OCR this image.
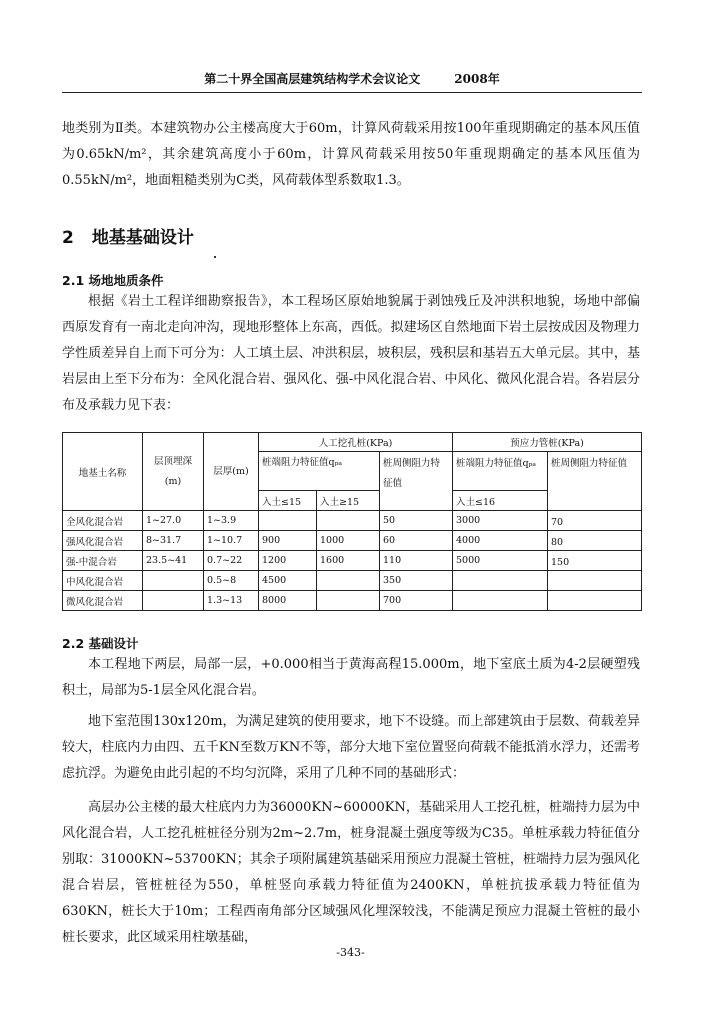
第二十界全国高层建筑结构学术会议论文	2008年
地类别为Ⅱ类。本建筑物办公主楼高度大于60m，计算风荷载采用按100年重现期确定的基本风压值为0.65kN/m²，其余建筑高度小于60m，计算风荷载采用按50年重现期确定的基本风压值为0.55kN/m²，地面粗糙类别为C类，风荷载体型系数取1.3。
2 地基基础设计
2.1 场地地质条件
根据《岩土工程详细勘察报告》，本工程场区原始地貌属于剥蚀残丘及冲洪积地貌，场地中部偏西原发育有一南北走向冲沟，现地形整体上东高，西低。拟建场区自然地面下岩土层按成因及物理力学性质差异自上而下可分为：人工填土层、冲洪积层，坡积层，残积层和基岩五大单元层。其中，基岩层由上至下分布为：全风化混合岩、强风化、强-中风化混合岩、中风化、微风化混合岩。各岩层分布及承载力见下表：
地基土名称	层顶埋深(m)	层厚(m)	人工挖孔桩(KPa)			预应力管桩(KPa)	
			桩端阻力特征值qₚₐ		桩周侧阻力特征值	桩端阻力特征值qₚₐ	桩周侧阻力特征值
			入土≤15	入土≥15		入土≤16	
全风化混合岩	1~27.0	1~3.9			50	3000	70
强风化混合岩	8~31.7	1~10.7	900	1000	60	4000	80
强-中混合岩	23.5~41	0.7~22	1200	1600	110	5000	150
中风化混合岩		0.5~8	4500		350		
微风化混合岩		1.3~13	8000		700		
2.2 基础设计
本工程地下两层，局部一层，+0.000相当于黄海高程15.000m，地下室底土质为4-2层硬塑残积土，局部为5-1层全风化混合岩。
地下室范围130x120m，为满足建筑的使用要求，地下不设缝。而上部建筑由于层数、荷载差异较大，柱底内力由四、五千KN至数万KN不等，部分大地下室位置竖向荷载不能抵消水浮力，还需考虑抗浮。为避免由此引起的不均匀沉降，采用了几种不同的基础形式：
高层办公主楼的最大柱底内力为36000KN~60000KN，基础采用人工挖孔桩，桩端持力层为中风化混合岩，人工挖孔桩桩径分别为2m~2.7m，桩身混凝土强度等级为C35。单桩承载力特征值分别取：31000KN~53700KN；其余子项附属建筑基础采用预应力混凝土管桩，桩端持力层为强风化混合岩层，管桩桩径为550，单桩竖向承载力特征值为2400KN，单桩抗拔承载力特征值为630KN，桩长大于10m；工程西南角部分区域强风化埋深较浅，不能满足预应力混凝土管桩的最小桩长要求，此区域采用柱墩基础，
-343-
